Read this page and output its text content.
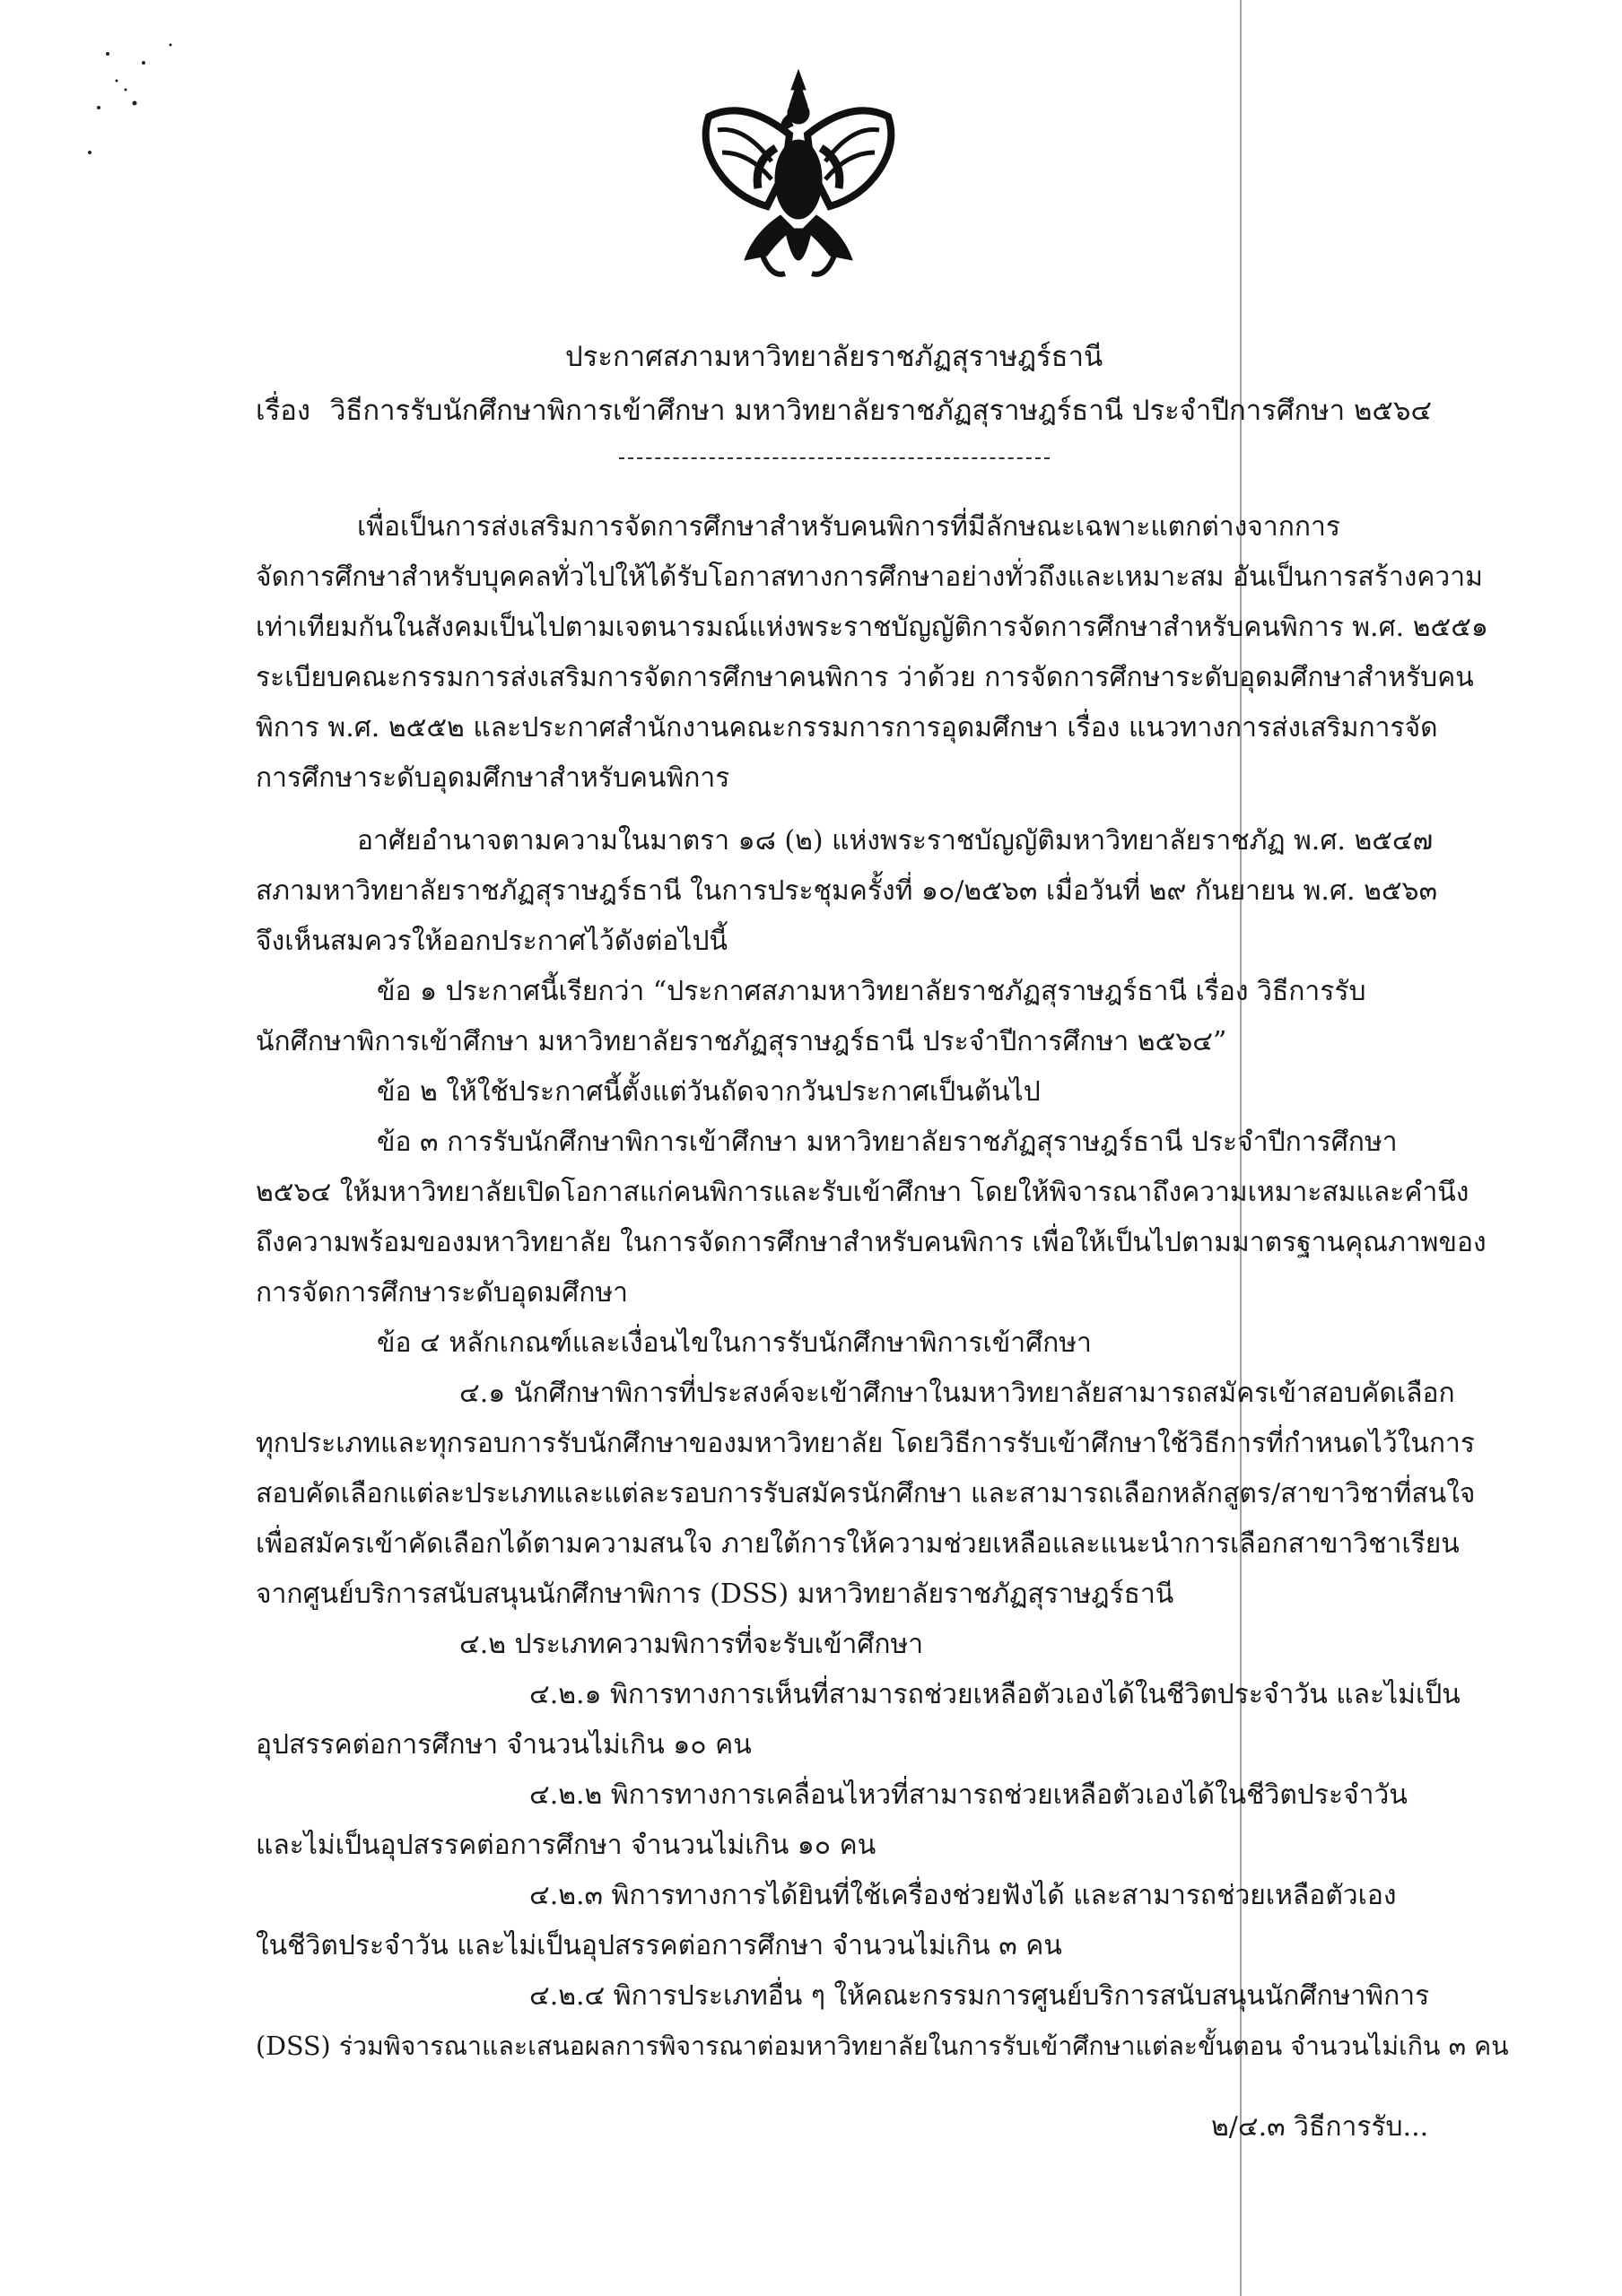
ประกาศสภามหาวิทยาลัยราชภัฏสุราษฎร์ธานี
เรื่อง วิธีการรับนักศึกษาพิการเข้าศึกษา มหาวิทยาลัยราชภัฏสุราษฎร์ธานี ประจำปีการศึกษา ๒๕๖๔
เพื่อเป็นการส่งเสริมการจัดการศึกษาสำหรับคนพิการที่มีลักษณะเฉพาะแตกต่างจากการ
จัดการศึกษาสำหรับบุคคลทั่วไปให้ได้รับโอกาสทางการศึกษาอย่างทั่วถึงและเหมาะสม อันเป็นการสร้างความ
เท่าเทียมกันในสังคมเป็นไปตามเจตนารมณ์แห่งพระราชบัญญัติการจัดการศึกษาสำหรับคนพิการ พ.ศ. ๒๕๕๑
ระเบียบคณะกรรมการส่งเสริมการจัดการศึกษาคนพิการ ว่าด้วย การจัดการศึกษาระดับอุดมศึกษาสำหรับคน
พิการ พ.ศ. ๒๕๕๒ และประกาศสำนักงานคณะกรรมการการอุดมศึกษา เรื่อง แนวทางการส่งเสริมการจัด
การศึกษาระดับอุดมศึกษาสำหรับคนพิการ
อาศัยอำนาจตามความในมาตรา ๑๘ (๒) แห่งพระราชบัญญัติมหาวิทยาลัยราชภัฏ พ.ศ. ๒๕๔๗
สภามหาวิทยาลัยราชภัฏสุราษฎร์ธานี ในการประชุมครั้งที่ ๑๐/๒๕๖๓ เมื่อวันที่ ๒๙ กันยายน พ.ศ. ๒๕๖๓
จึงเห็นสมควรให้ออกประกาศไว้ดังต่อไปนี้
ข้อ ๑ ประกาศนี้เรียกว่า “ประกาศสภามหาวิทยาลัยราชภัฏสุราษฎร์ธานี เรื่อง วิธีการรับ
นักศึกษาพิการเข้าศึกษา มหาวิทยาลัยราชภัฏสุราษฎร์ธานี ประจำปีการศึกษา ๒๕๖๔”
ข้อ ๒ ให้ใช้ประกาศนี้ตั้งแต่วันถัดจากวันประกาศเป็นต้นไป
ข้อ ๓ การรับนักศึกษาพิการเข้าศึกษา มหาวิทยาลัยราชภัฏสุราษฎร์ธานี ประจำปีการศึกษา
๒๕๖๔ ให้มหาวิทยาลัยเปิดโอกาสแก่คนพิการและรับเข้าศึกษา โดยให้พิจารณาถึงความเหมาะสมและคำนึง
ถึงความพร้อมของมหาวิทยาลัย ในการจัดการศึกษาสำหรับคนพิการ เพื่อให้เป็นไปตามมาตรฐานคุณภาพของ
การจัดการศึกษาระดับอุดมศึกษา
ข้อ ๔ หลักเกณฑ์และเงื่อนไขในการรับนักศึกษาพิการเข้าศึกษา
๔.๑ นักศึกษาพิการที่ประสงค์จะเข้าศึกษาในมหาวิทยาลัยสามารถสมัครเข้าสอบคัดเลือก
ทุกประเภทและทุกรอบการรับนักศึกษาของมหาวิทยาลัย โดยวิธีการรับเข้าศึกษาใช้วิธีการที่กำหนดไว้ในการ
สอบคัดเลือกแต่ละประเภทและแต่ละรอบการรับสมัครนักศึกษา และสามารถเลือกหลักสูตร/สาขาวิชาที่สนใจ
เพื่อสมัครเข้าคัดเลือกได้ตามความสนใจ ภายใต้การให้ความช่วยเหลือและแนะนำการเลือกสาขาวิชาเรียน
จากศูนย์บริการสนับสนุนนักศึกษาพิการ (DSS) มหาวิทยาลัยราชภัฏสุราษฎร์ธานี
๔.๒ ประเภทความพิการที่จะรับเข้าศึกษา
๔.๒.๑ พิการทางการเห็นที่สามารถช่วยเหลือตัวเองได้ในชีวิตประจำวัน และไม่เป็น
อุปสรรคต่อการศึกษา จำนวนไม่เกิน ๑๐ คน
๔.๒.๒ พิการทางการเคลื่อนไหวที่สามารถช่วยเหลือตัวเองได้ในชีวิตประจำวัน
และไม่เป็นอุปสรรคต่อการศึกษา จำนวนไม่เกิน ๑๐ คน
๔.๒.๓ พิการทางการได้ยินที่ใช้เครื่องช่วยฟังได้ และสามารถช่วยเหลือตัวเอง
ในชีวิตประจำวัน และไม่เป็นอุปสรรคต่อการศึกษา จำนวนไม่เกิน ๓ คน
๔.๒.๔ พิการประเภทอื่น ๆ ให้คณะกรรมการศูนย์บริการสนับสนุนนักศึกษาพิการ
(DSS) ร่วมพิจารณาและเสนอผลการพิจารณาต่อมหาวิทยาลัยในการรับเข้าศึกษาแต่ละขั้นตอน จำนวนไม่เกิน ๓ คน
๒/๔.๓ วิธีการรับ...
